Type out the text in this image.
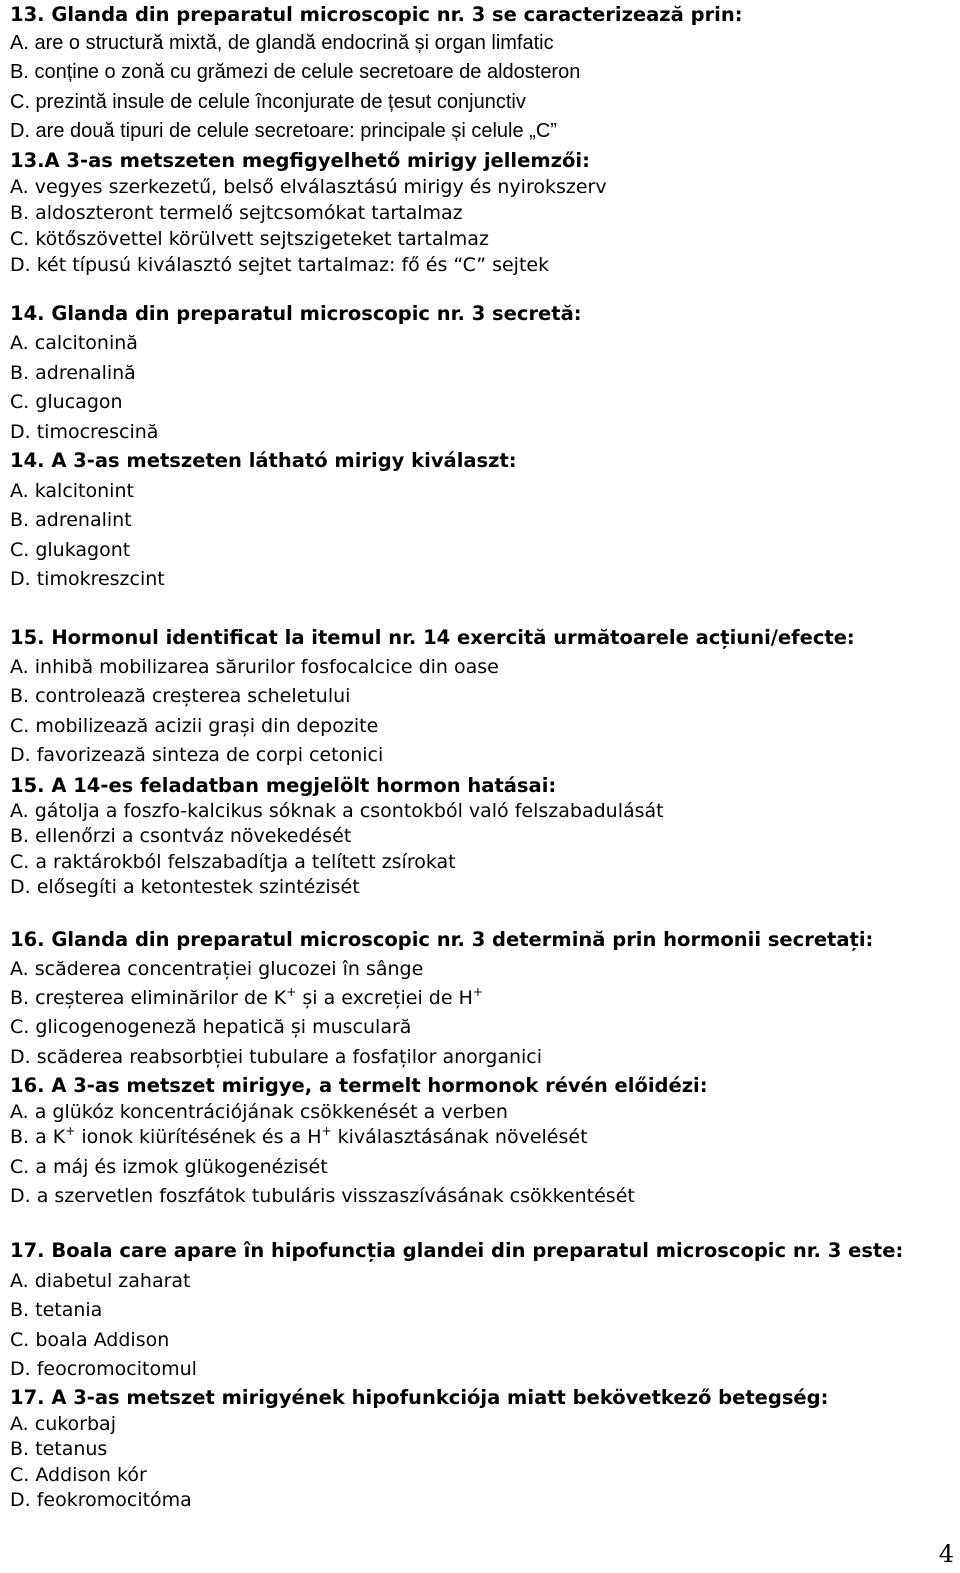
13. Glanda din preparatul microscopic nr. 3 se caracterizează prin:
A. are o structură mixtă, de glandă endocrină și organ limfatic
B. conține o zonă cu grămezi de celule secretoare de aldosteron
C. prezintă insule de celule înconjurate de țesut conjunctiv
D. are două tipuri de celule secretoare: principale și celule „C”
13.A 3-as metszeten megfigyelhető mirigy jellemzői:
A. vegyes szerkezetű, belső elválasztású mirigy és nyirokszerv
B. aldoszteront termelő sejtcsomókat tartalmaz
C. kötőszövettel körülvett sejtszigeteket tartalmaz
D. két típusú kiválasztó sejtet tartalmaz: fő és “C” sejtek
14. Glanda din preparatul microscopic nr. 3 secretă:
A. calcitonină
B. adrenalină
C. glucagon
D. timocrescină
14. A 3-as metszeten látható mirigy kiválaszt:
A. kalcitonint
B. adrenalint
C. glukagont
D. timokreszcint
15. Hormonul identificat la itemul nr. 14 exercită următoarele acțiuni/efecte:
A. inhibă mobilizarea sărurilor fosfocalcice din oase
B. controlează creșterea scheletului
C. mobilizează acizii grași din depozite
D. favorizează sinteza de corpi cetonici
15. A 14-es feladatban megjelölt hormon hatásai:
A. gátolja a foszfo-kalcikus sóknak a csontokból való felszabadulását
B. ellenőrzi a csontváz növekedését
C. a raktárokból felszabadítja a telített zsírokat
D. elősegíti a ketontestek szintézisét
16. Glanda din preparatul microscopic nr. 3 determină prin hormonii secretați:
A. scăderea concentrației glucozei în sânge
B. creșterea eliminărilor de K+ și a excreției de H+
C. glicogenogeneză hepatică și musculară
D. scăderea reabsorbției tubulare a fosfaților anorganici
16. A 3-as metszet mirigye, a termelt hormonok révén előidézi:
A. a glükóz koncentrációjának csökkenését a verben
B. a K+ ionok kiürítésének és a H+ kiválasztásának növelését
C. a máj és izmok glükogenézisét
D. a szervetlen foszfátok tubuláris visszaszívásának csökkentését
17. Boala care apare în hipofuncția glandei din preparatul microscopic nr. 3 este:
A. diabetul zaharat
B. tetania
C. boala Addison
D. feocromocitomul
17. A 3-as metszet mirigyének hipofunkciója miatt bekövetkező betegség:
A. cukorbaj
B. tetanus
C. Addison kór
D. feokromocitóma
4
